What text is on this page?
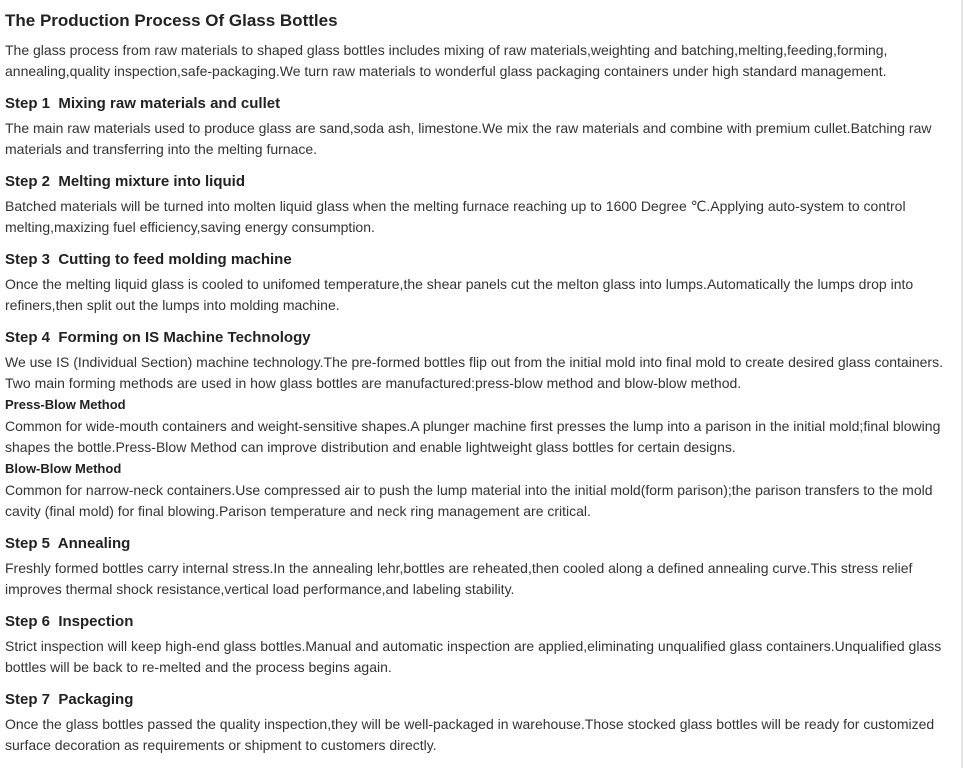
The Production Process Of Glass Bottles

The glass process from raw materials to shaped glass bottles includes mixing of raw materials,weighting and batching,melting,feeding,forming, annealing,quality inspection,safe-packaging.We turn raw materials to wonderful glass packaging containers under high standard management.

Step 1  Mixing raw materials and cullet

The main raw materials used to produce glass are sand,soda ash, limestone.We mix the raw materials and combine with premium cullet.Batching raw materials and transferring into the melting furnace.

Step 2  Melting mixture into liquid

Batched materials will be turned into molten liquid glass when the melting furnace reaching up to 1600 Degree ℃.Applying auto-system to control melting,maxizing fuel efficiency,saving energy consumption.

Step 3  Cutting to feed molding machine

Once the melting liquid glass is cooled to unifomed temperature,the shear panels cut the melton glass into lumps.Automatically the lumps drop into refiners,then split out the lumps into molding machine.

Step 4  Forming on IS Machine Technology

We use IS (Individual Section) machine technology.The pre-formed bottles flip out from the initial mold into final mold to create desired glass containers. Two main forming methods are used in how glass bottles are manufactured:press-blow method and blow-blow method.

Press-Blow Method

Common for wide-mouth containers and weight-sensitive shapes.A plunger machine first presses the lump into a parison in the initial mold;final blowing shapes the bottle.Press-Blow Method can improve distribution and enable lightweight glass bottles for certain designs.

Blow-Blow Method

Common for narrow-neck containers.Use compressed air to push the lump material into the initial mold(form parison);the parison transfers to the mold cavity (final mold) for final blowing.Parison temperature and neck ring management are critical.

Step 5  Annealing

Freshly formed bottles carry internal stress.In the annealing lehr,bottles are reheated,then cooled along a defined annealing curve.This stress relief improves thermal shock resistance,vertical load performance,and labeling stability.

Step 6  Inspection

Strict inspection will keep high-end glass bottles.Manual and automatic inspection are applied,eliminating unqualified glass containers.Unqualified glass bottles will be back to re-melted and the process begins again.

Step 7  Packaging

Once the glass bottles passed the quality inspection,they will be well-packaged in warehouse.Those stocked glass bottles will be ready for customized surface decoration as requirements or shipment to customers directly.
